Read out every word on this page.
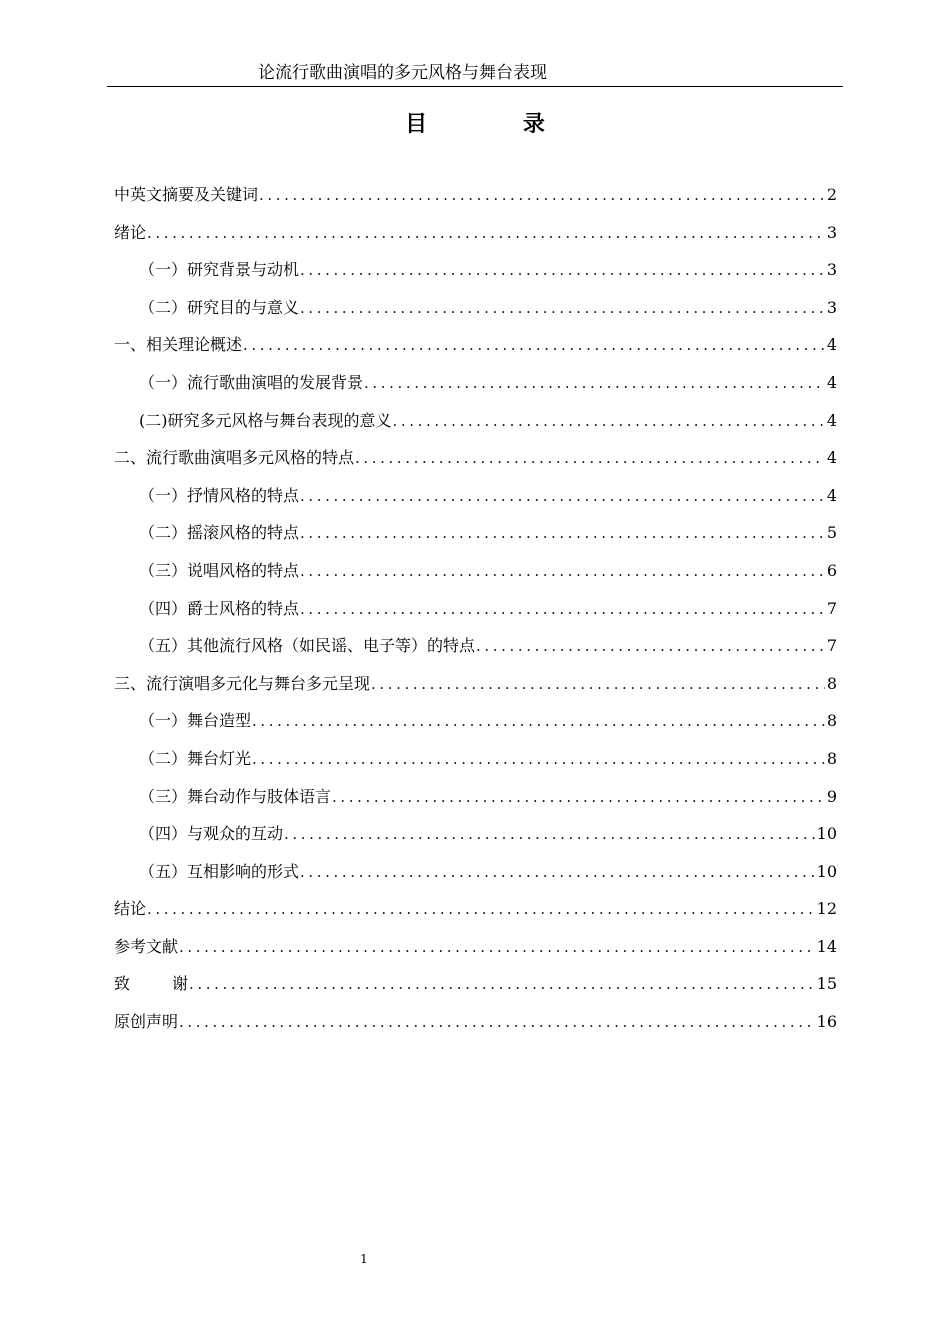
论流行歌曲演唱的多元风格与舞台表现
目 录
中英文摘要及关键词 .....	2
绪论 .....	3
（一）研究背景与动机 .....	3
（二）研究目的与意义 .....	3
一、相关理论概述 .....	4
（一）流行歌曲演唱的发展背景 .....	4
(二)研究多元风格与舞台表现的意义 .....	4
二、流行歌曲演唱多元风格的特点 .....	4
（一）抒情风格的特点 .....	4
（二）摇滚风格的特点 .....	5
（三）说唱风格的特点 .....	6
（四）爵士风格的特点 .....	7
（五）其他流行风格（如民谣、电子等）的特点 .....	7
三、流行演唱多元化与舞台多元呈现 .....	8
（一）舞台造型 .....	8
（二）舞台灯光 .....	8
（三）舞台动作与肢体语言 .....	9
（四）与观众的互动 .....	10
（五）互相影响的形式 .....	10
结论 .....	12
参考文献 .....	14
致谢 .....	15
原创声明 .....	16
1
